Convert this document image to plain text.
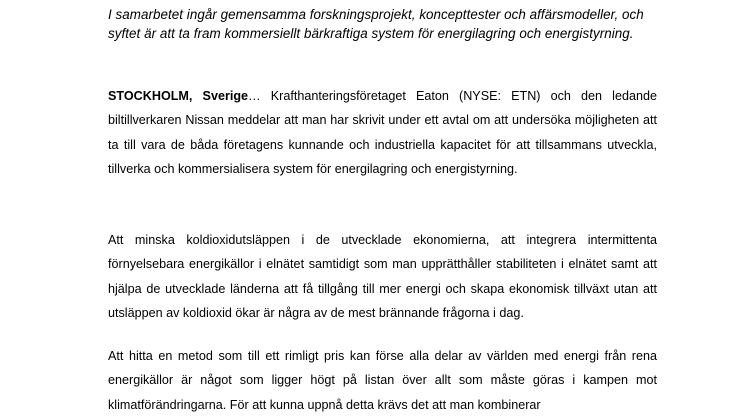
I samarbetet ingår gemensamma forskningsprojekt, koncepttester och affärsmodeller, och syftet är att ta fram kommersiellt bärkraftiga system för energilagring och energistyrning.

STOCKHOLM, Sverige… Krafthanteringsföretaget Eaton (NYSE: ETN) och den ledande biltillverkaren Nissan meddelar att man har skrivit under ett avtal om att undersöka möjligheten att ta till vara de båda företagens kunnande och industriella kapacitet för att tillsammans utveckla, tillverka och kommersialisera system för energilagring och energistyrning.

Att minska koldioxidutsläppen i de utvecklade ekonomierna, att integrera intermittenta förnyelsebara energikällor i elnätet samtidigt som man upprätthåller stabiliteten i elnätet samt att hjälpa de utvecklade länderna att få tillgång till mer energi och skapa ekonomisk tillväxt utan att utsläppen av koldioxid ökar är några av de mest brännande frågorna i dag.

Att hitta en metod som till ett rimligt pris kan förse alla delar av världen med energi från rena energikällor är något som ligger högt på listan över allt som måste göras i kampen mot klimatförändringarna. För att kunna uppnå detta krävs det att man kombinerar
